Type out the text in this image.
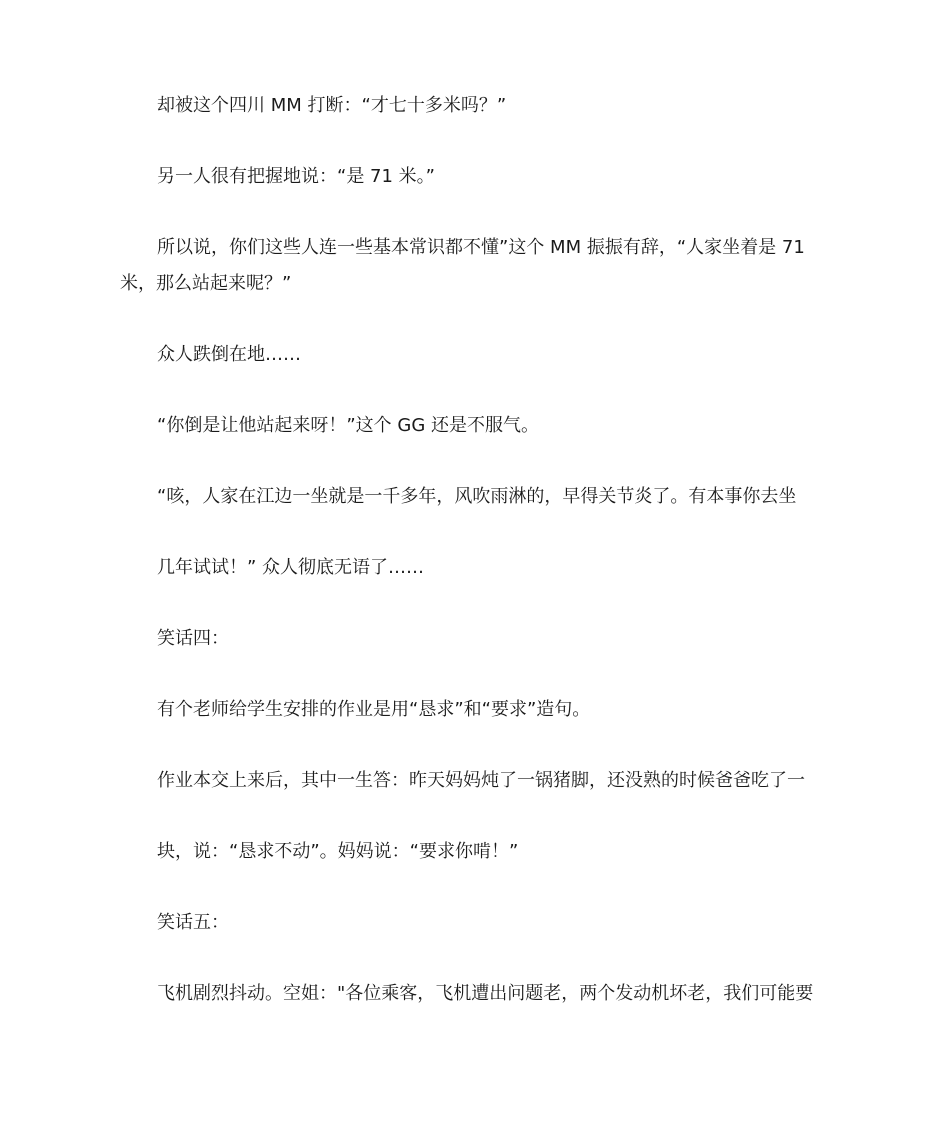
却被这个四川 MM 打断：“才七十多米吗？”
另一人很有把握地说：“是 71 米。”
所以说，你们这些人连一些基本常识都不懂”这个 MM 振振有辞，“人家坐着是 71
米，那么站起来呢？”
众人跌倒在地……
“你倒是让他站起来呀！”这个 GG 还是不服气。
“咳，人家在江边一坐就是一千多年，风吹雨淋的，早得关节炎了。有本事你去坐
几年试试！” 众人彻底无语了……
笑话四：
有个老师给学生安排的作业是用“恳求”和“要求”造句。
作业本交上来后，其中一生答：昨天妈妈炖了一锅猪脚，还没熟的时候爸爸吃了一
块，说：“恳求不动”。妈妈说：“要求你啃！”
笑话五：
飞机剧烈抖动。空姐："各位乘客，飞机遭出问题老，两个发动机坏老，我们可能要
